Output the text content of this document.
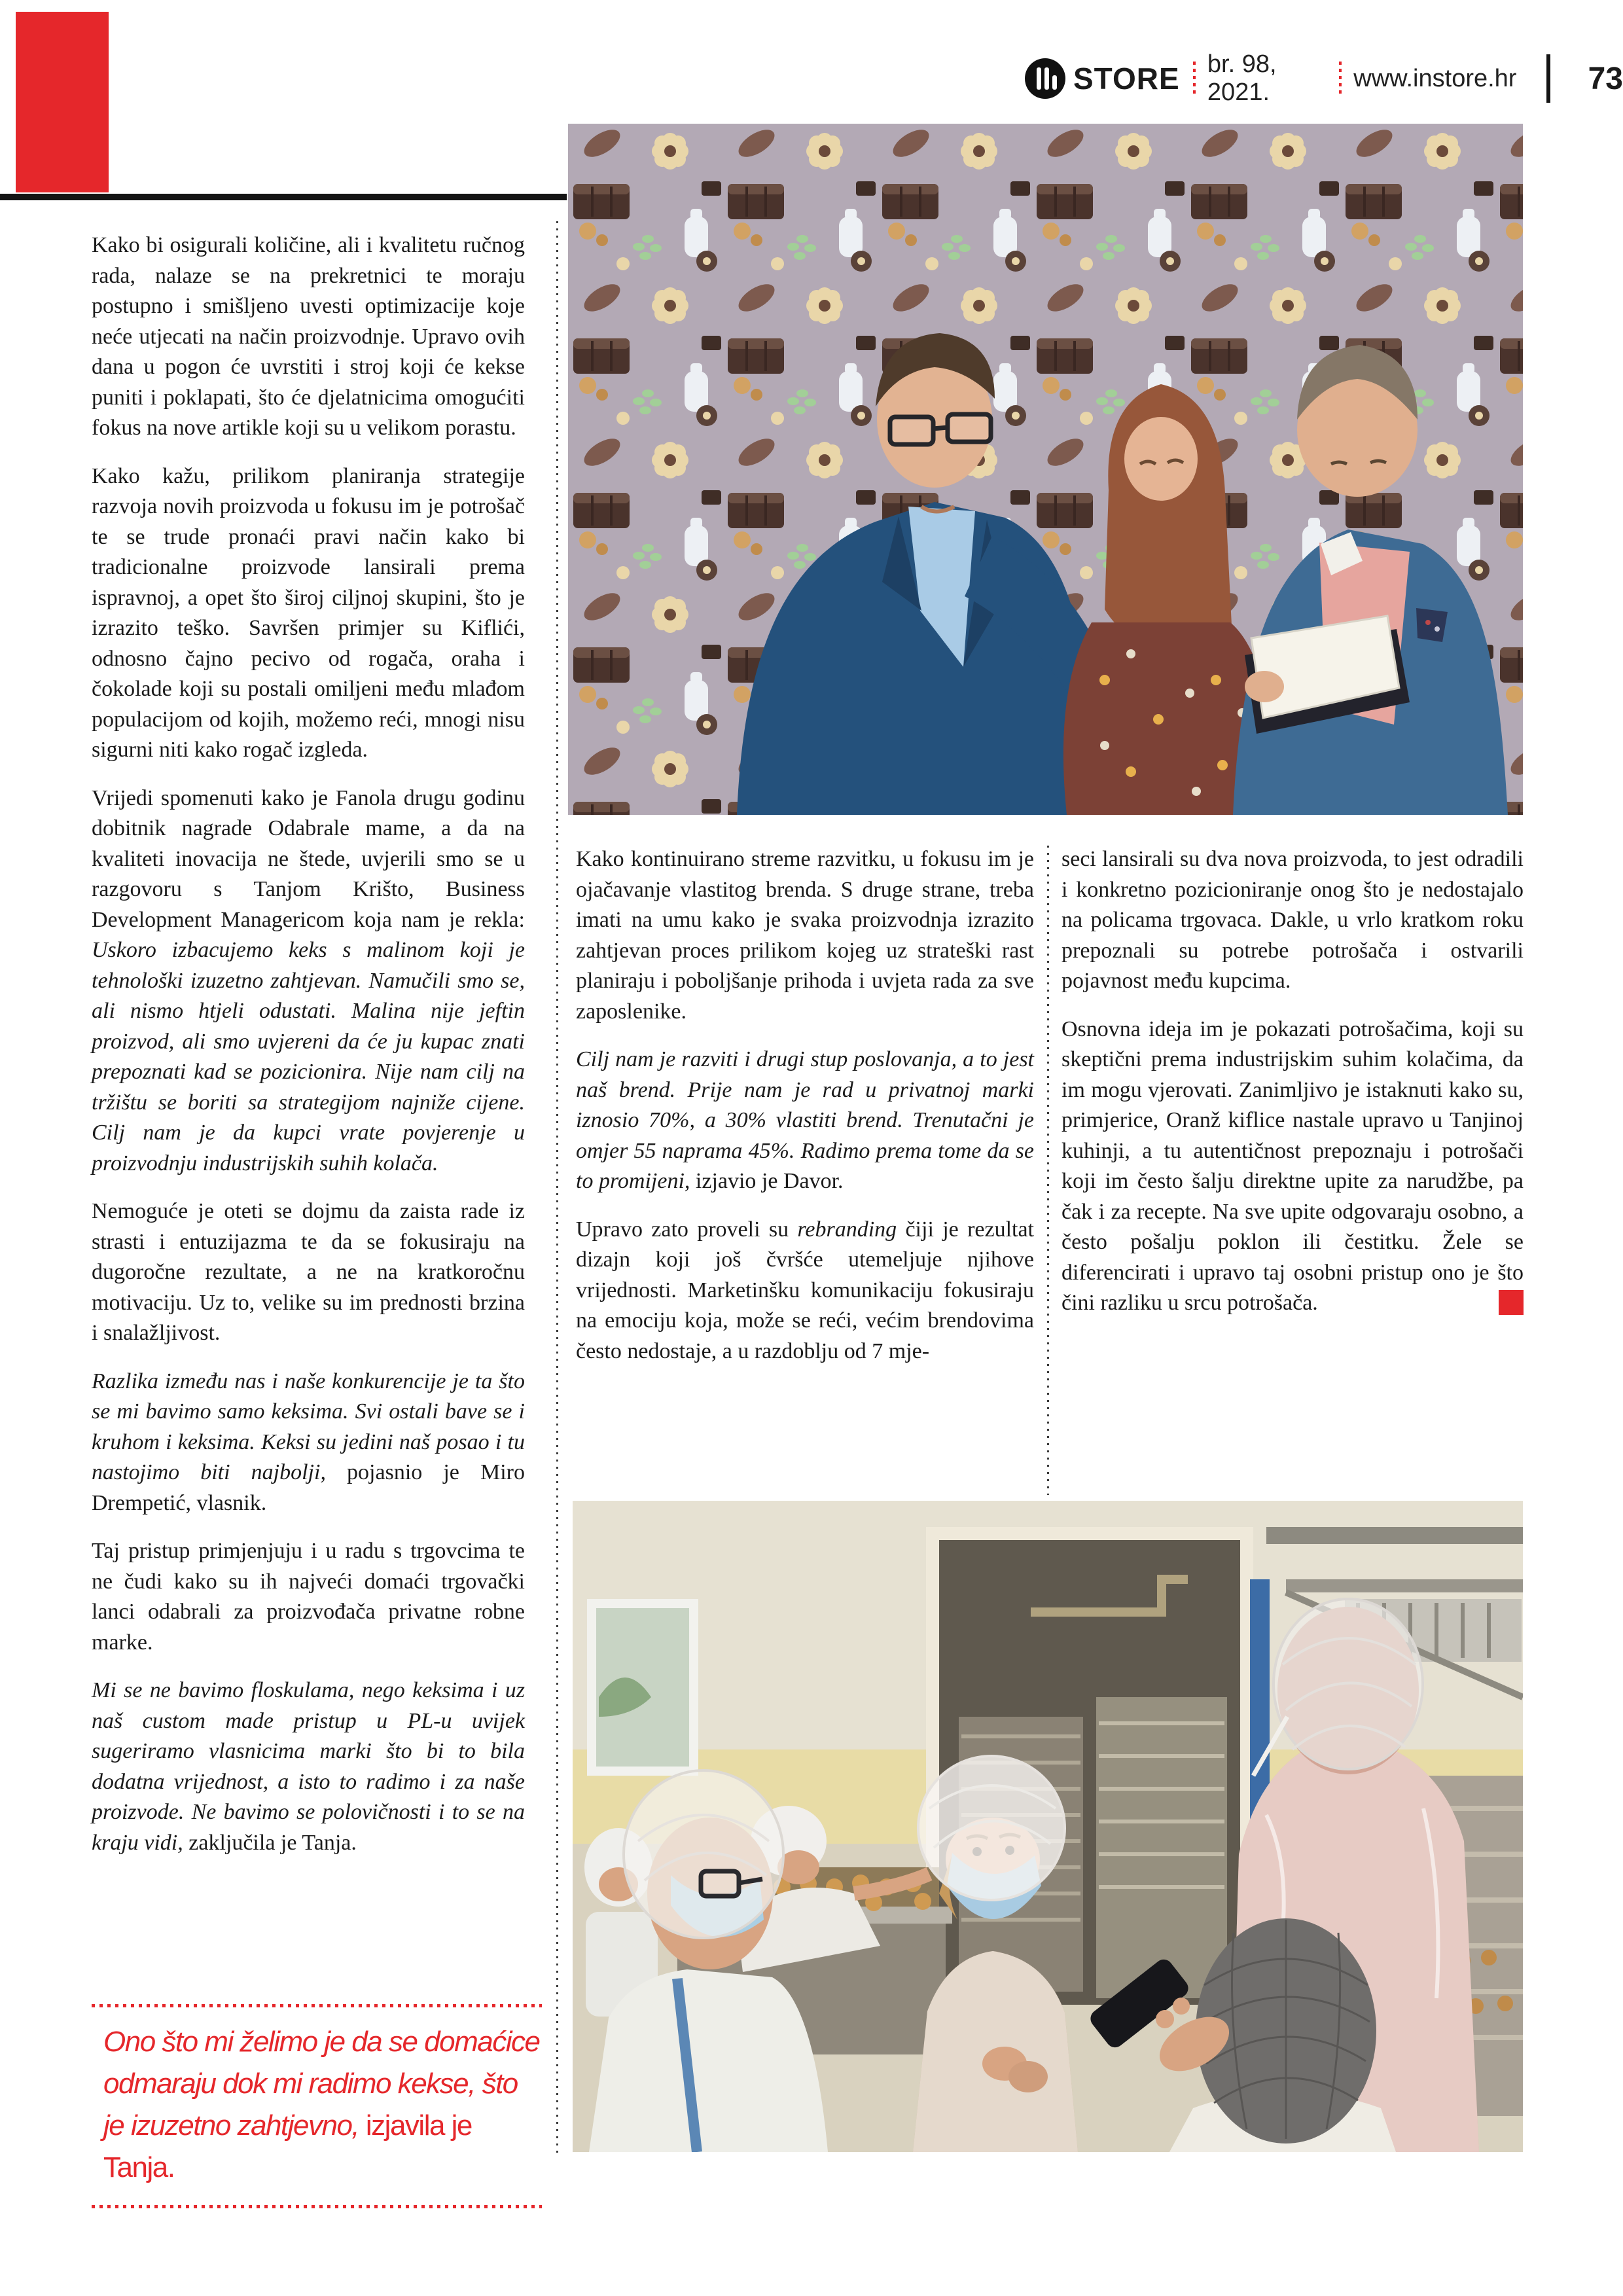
STORE br. 98, 2021.
www.instore.hr 73

Kako bi osigurali količine, ali i kvalitetu ručnog rada, nalaze se na prekretnici te moraju postupno i smišljeno uvesti optimizacije koje neće utjecati na način proizvodnje. Upravo ovih dana u pogon će uvrstiti i stroj koji će kekse puniti i poklapati, što će djelatnicima omogućiti fokus na nove artikle koji su u velikom porastu.

Kako kažu, prilikom planiranja strategije razvoja novih proizvoda u fokusu im je potrošač te se trude pronaći pravi način kako bi tradicionalne proizvode lansirali prema ispravnoj, a opet što široj ciljnoj skupini, što je izrazito teško. Savršen primjer su Kiflići, odnosno čajno pecivo od rogača, oraha i čokolade koji su postali omiljeni među mlađom populacijom od kojih, možemo reći, mnogi nisu sigurni niti kako rogač izgleda.

Vrijedi spomenuti kako je Fanola drugu godinu dobitnik nagrade Odabrale mame, a da na kvaliteti inovacija ne štede, uvjerili smo se u razgovoru s Tanjom Krišto, Business Development Managericom koja nam je rekla: Uskoro izbacujemo keks s malinom koji je tehnološki izuzetno zahtjevan. Namučili smo se, ali nismo htjeli odustati. Malina nije jeftin proizvod, ali smo uvjereni da će ju kupac znati prepoznati kad se pozicionira. Nije nam cilj na tržištu se boriti sa strategijom najniže cijene. Cilj nam je da kupci vrate povjerenje u proizvodnju industrijskih suhih kolača.

Nemoguće je oteti se dojmu da zaista rade iz strasti i entuzijazma te da se fokusiraju na dugoročne rezultate, a ne na kratkoročnu motivaciju. Uz to, velike su im prednosti brzina i snalažljivost.

Razlika između nas i naše konkurencije je ta što se mi bavimo samo keksima. Svi ostali bave se i kruhom i keksima. Keksi su jedini naš posao i tu nastojimo biti najbolji, pojasnio je Miro Drempetić, vlasnik.

Taj pristup primjenjuju i u radu s trgovcima te ne čudi kako su ih najveći domaći trgovački lanci odabrali za proizvođača privatne robne marke.

Mi se ne bavimo floskulama, nego keksima i uz naš custom made pristup u PL-u uvijek sugeriramo vlasnicima marki što bi to bila dodatna vrijednost, a isto to radimo i za naše proizvode. Ne bavimo se polovičnosti i to se na kraju vidi, zaključila je Tanja.

Kako kontinuirano streme razvitku, u fokusu im je ojačavanje vlastitog brenda. S druge strane, treba imati na umu kako je svaka proizvodnja izrazito zahtjevan proces prilikom kojeg uz strateški rast planiraju i poboljšanje prihoda i uvjeta rada za sve zaposlenike.

Cilj nam je razviti i drugi stup poslovanja, a to jest naš brend. Prije nam je rad u privatnoj marki iznosio 70%, a 30% vlastiti brend. Trenutačni je omjer 55 naprama 45%. Radimo prema tome da se to promijeni, izjavio je Davor.

Upravo zato proveli su rebranding čiji je rezultat dizajn koji još čvršće utemeljuje njihove vrijednosti. Marketinšku komunikaciju fokusiraju na emociju koja, može se reći, većim brendovima često nedostaje, a u razdoblju od 7 mje-

seci lansirali su dva nova proizvoda, to jest odradili i konkretno pozicioniranje onog što je nedostajalo na policama trgovaca. Dakle, u vrlo kratkom roku prepoznali su potrebe potrošača i ostvarili pojavnost među kupcima.

Osnovna ideja im je pokazati potrošačima, koji su skeptični prema industrijskim suhim kolačima, da im mogu vjerovati. Zanimljivo je istaknuti kako su, primjerice, Oranž kiflice nastale upravo u Tanjinoj kuhinji, a tu autentičnost prepoznaju i potrošači koji im često šalju direktne upite za narudžbe, pa čak i za recepte. Na sve upite odgovaraju osobno, a često pošalju poklon ili čestitku. Žele se diferencirati i upravo taj osobni pristup ono je što čini razliku u srcu potrošača.

Ono što mi želimo je da se domaćice odmaraju dok mi radimo kekse, što je izuzetno zahtjevno, izjavila je Tanja.
